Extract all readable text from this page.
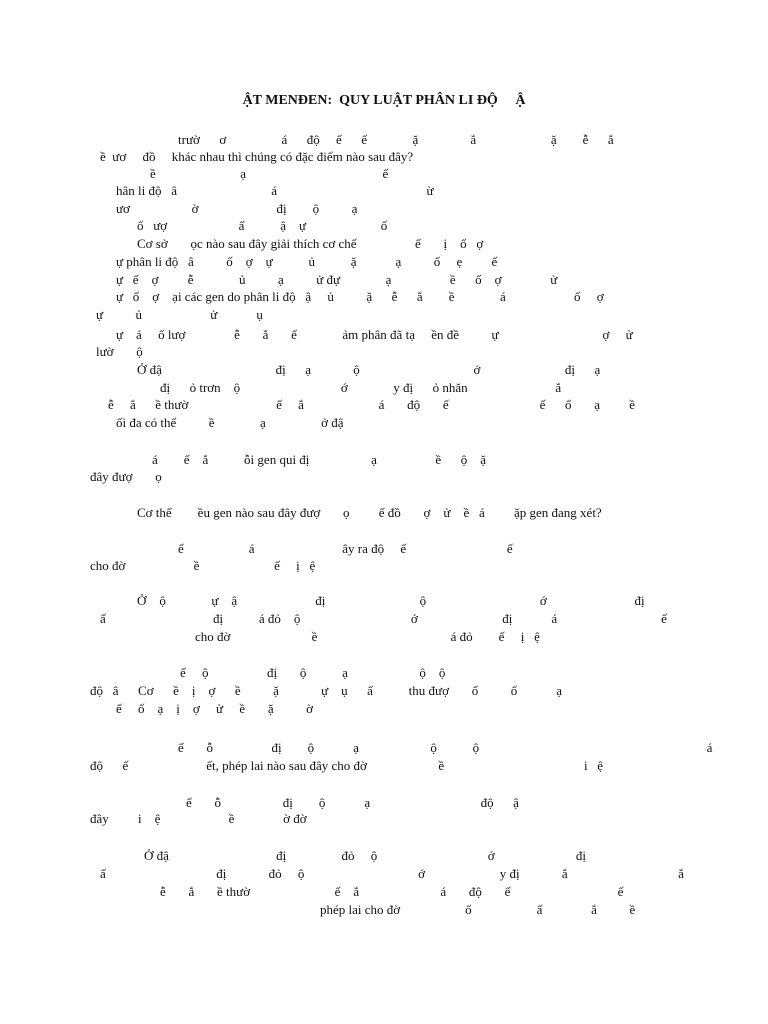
ẬT MENĐEN:  QUY LUẬT PHÂN LI ĐỘ     Ậ
trườ      ơ                 á      độ     ế      ế              ặ                ắ                       ặ        ễ      ắ
ề  ươ     đồ     khác nhau thì chúng có đặc điểm nào sau đây?
ề                          ạ                                          ế
hân li độ   â                             á                                              ừ
ươ                   ờ                        đị        ộ          ạ
ố   ượ                      ấ           ậ    ự                       ố
Cơ sở       ọc nào sau đây giải thích cơ chế                  ế       ị    ố   ợ
ự phân li độ   â          ố    ợ    ự           ủ           ặ            ạ          ố     ẹ         ế
ự   ế    ợ         ễ              ủ          ạ          ử đự              ạ                  ề      ố    ợ               ử
ự   ố    ợ    ại các gen do phân li độ   ậ     ủ          ặ      ễ      ắ        ề              á                     ố     ợ
ự          ủ                     ử            ụ
ự    á     ố lượ               ễ       ắ       ế              ảm phân đã tạ     ền đề          ự                                ợ     ử
lườ       ộ
Ở đậ                                   đị      ạ             ộ                                   ớ                          đị      ạ
đị      ỏ trơn    ộ                               ớ              y đị      ỏ nhăn                           ắ
ễ     ắ      ề thườ                           ế     ắ                       á       độ       ế                            ế      ố       ạ         ề
ối đa có thể          ề              ạ                 ở đậ
á        ế    ắ           ỗi gen qui đị                   ạ                  ề      ộ    ặ
đây đượ       ọ
Cơ thể        ều gen nào sau đây đượ       ọ         ế đồ       ợ    ử    ề   á         ặp gen đang xét?
ế                    á                           ây ra độ     ế                               ế
cho đờ                     ề                       ế     ị   ệ
Ở    ộ              ự    ậ                        đị                             ộ                                   ớ                           đị
ấ                                 đị           á đỏ    ộ                                  ớ                          đị            á                                ế
cho đờ                         ề                                         á đỏ        ế     ị   ệ
ế     ộ                  đị       ộ           ạ                      ộ    ộ
độ   â      Cơ      ề    ị    ợ      ề          ặ             ự    ụ      ấ           thu đượ       ố          ố            ạ
ế     ố    ạ    ị    ợ     ử     ề       ặ          ờ
ế       ỗ                  đị        ộ            ạ                      ộ           ộ                                                                      á
độ      ế                        ết, phép lai nào sau đây cho đờ                      ề                                           i   ệ
ế       ỗ                   đị        ộ            ạ                                  độ      ậ
đây         i    ệ                     ề               ờ đờ
Ở đậ                                 đị                 đỏ     ộ                                  ớ                         đị
ấ                                  đị             đỏ     ộ                                   ớ                       y đị             ắ                                  ắ
ễ       ắ       ề thườ                          ế    ắ                         á       độ       ế                                 ế
phép lai cho đờ                    ố                    ấ               ắ          ề
